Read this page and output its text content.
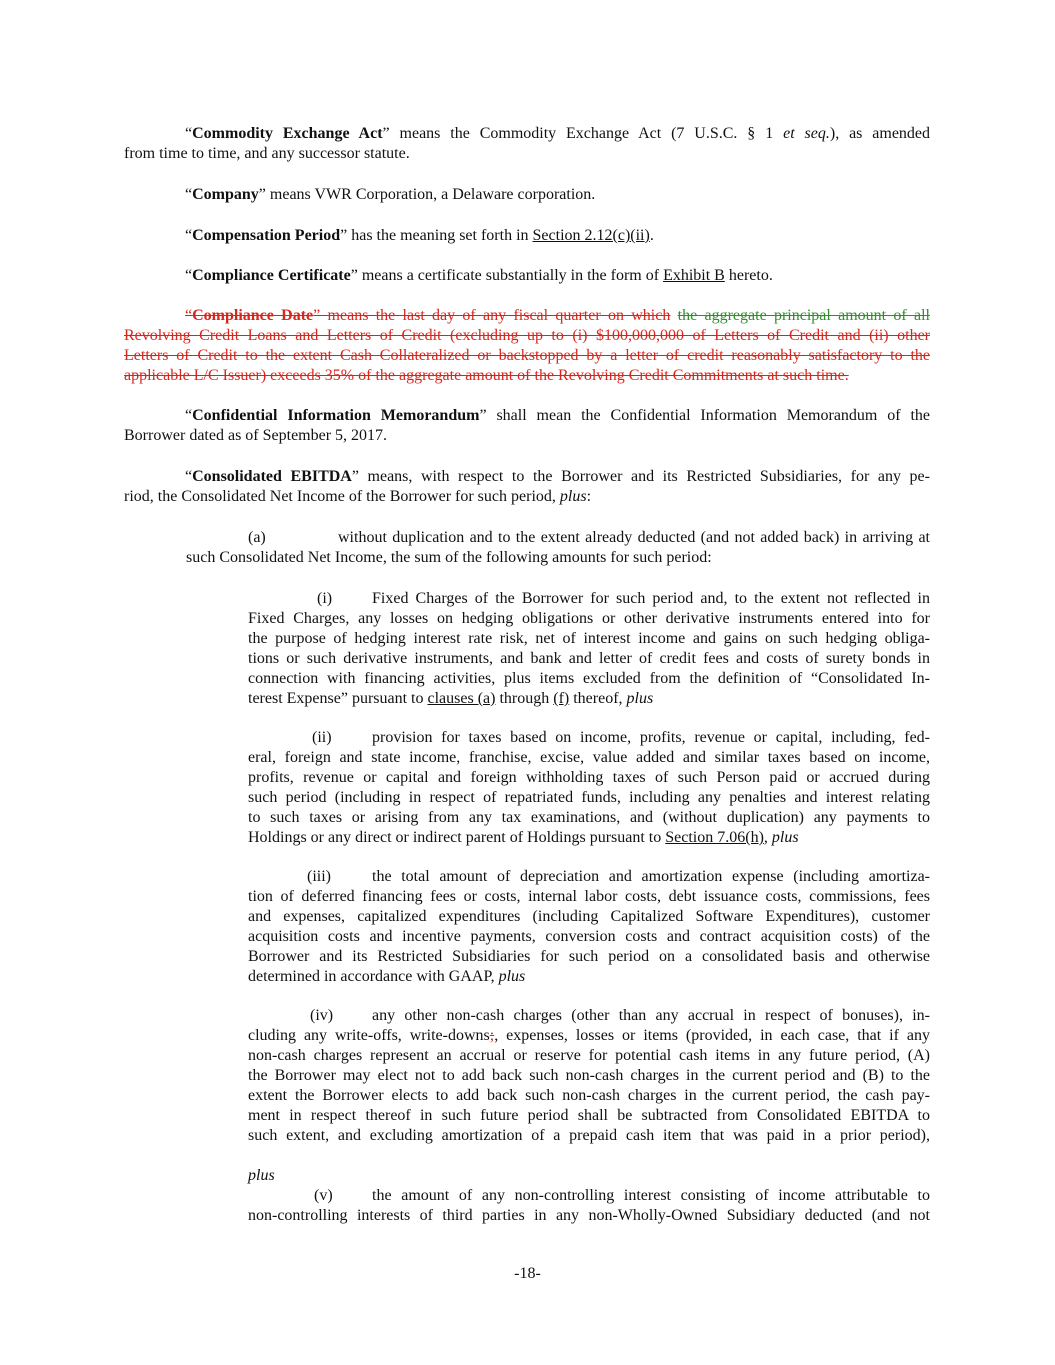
“Commodity Exchange Act” means the Commodity Exchange Act (7 U.S.C. § 1 et seq.), as amended
from time to time, and any successor statute.
“Company” means VWR Corporation, a Delaware corporation.
“Compensation Period” has the meaning set forth in Section 2.12(c)(ii).
“Compliance Certificate” means a certificate substantially in the form of Exhibit B hereto.
“Compliance Date” means the last day of any fiscal quarter on which the aggregate principal amount of all
Revolving Credit Loans and Letters of Credit (excluding up to (i) $100,000,000 of Letters of Credit and (ii) other
Letters of Credit to the extent Cash Collateralized or backstopped by a letter of credit reasonably satisfactory to the
applicable L/C Issuer) exceeds 35% of the aggregate amount of the Revolving Credit Commitments at such time.
“Confidential Information Memorandum” shall mean the Confidential Information Memorandum of the
Borrower dated as of September 5, 2017.
“Consolidated EBITDA” means, with respect to the Borrower and its Restricted Subsidiaries, for any pe-
riod, the Consolidated Net Income of the Borrower for such period, plus:
(a)	without duplication and to the extent already deducted (and not added back) in arriving at
such Consolidated Net Income, the sum of the following amounts for such period:
(i) Fixed Charges of the Borrower for such period and, to the extent not reflected in
Fixed Charges, any losses on hedging obligations or other derivative instruments entered into for
the purpose of hedging interest rate risk, net of interest income and gains on such hedging obliga-
tions or such derivative instruments, and bank and letter of credit fees and costs of surety bonds in
connection with financing activities, plus items excluded from the definition of “Consolidated In-
terest Expense” pursuant to clauses (a) through (f) thereof, plus
(ii)	provision for taxes based on income, profits, revenue or capital, including, fed-
eral, foreign and state income, franchise, excise, value added and similar taxes based on income,
profits, revenue or capital and foreign withholding taxes of such Person paid or accrued during
such period (including in respect of repatriated funds, including any penalties and interest relating
to such taxes or arising from any tax examinations, and (without duplication) any payments to
Holdings or any direct or indirect parent of Holdings pursuant to Section 7.06(h), plus
(iii)	the total amount of depreciation and amortization expense (including amortiza-
tion of deferred financing fees or costs, internal labor costs, debt issuance costs, commissions, fees
and expenses, capitalized expenditures (including Capitalized Software Expenditures), customer
acquisition costs and incentive payments, conversion costs and contract acquisition costs) of the
Borrower and its Restricted Subsidiaries for such period on a consolidated basis and otherwise
determined in accordance with GAAP, plus
(iv) any other non-cash charges (other than any accrual in respect of bonuses), in-
cluding any write-offs, write-downs;, expenses, losses or items (provided, in each case, that if any
non-cash charges represent an accrual or reserve for potential cash items in any future period, (A)
the Borrower may elect not to add back such non-cash charges in the current period and (B) to the
extent the Borrower elects to add back such non-cash charges in the current period, the cash pay-
ment in respect thereof in such future period shall be subtracted from Consolidated EBITDA to
such extent, and excluding amortization of a prepaid cash item that was paid in a prior period),
plus
(v) the amount of any non-controlling interest consisting of income attributable to
non-controlling interests of third parties in any non-Wholly-Owned Subsidiary deducted (and not
-18-
